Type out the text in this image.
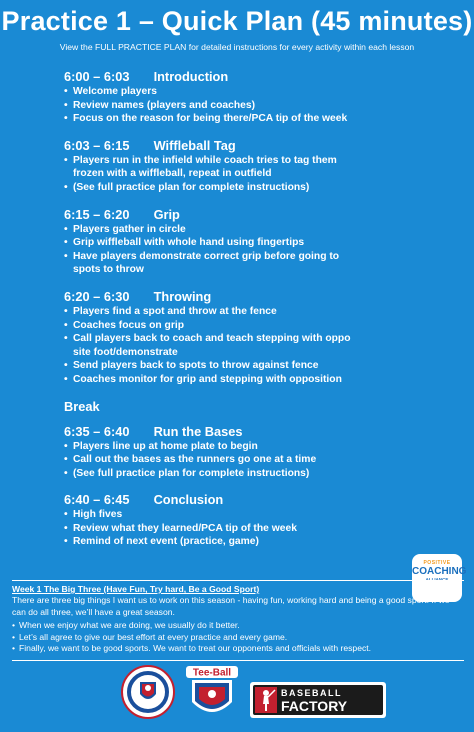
Practice 1 – Quick Plan (45 minutes)
View the FULL PRACTICE PLAN for detailed instructions for every activity within each lesson
6:00 – 6:03 Introduction
• Welcome players
• Review names (players and coaches)
• Focus on the reason for being there/PCA tip of the week
6:03 – 6:15 Wiffleball Tag
• Players run in the infield while coach tries to tag them frozen with a wiffleball, repeat in outfield
• (See full practice plan for complete instructions)
6:15 – 6:20 Grip
• Players gather in circle
• Grip wiffleball with whole hand using fingertips
• Have players demonstrate correct grip before going to spots to throw
6:20 – 6:30 Throwing
• Players find a spot and throw at the fence
• Coaches focus on grip
• Call players back to coach and teach stepping with oppo site foot/demonstrate
• Send players back to spots to throw against fence
• Coaches monitor for grip and stepping with opposition
Break
6:35 – 6:40 Run the Bases
• Players line up at home plate to begin
• Call out the bases as the runners go one at a time
• (See full practice plan for complete instructions)
6:40 – 6:45 Conclusion
• High fives
• Review what they learned/PCA tip of the week
• Remind of next event (practice, game)
POSITIVE
COACHING
ALLIANCE
Week 1 The Big Three (Have Fun, Try hard, Be a Good Sport)
There are three big things I want us to work on this season - having fun, working hard and being a good sport. If we can do all three, we’ll have a great season.
• When we enjoy what we are doing, we usually do it better.
• Let’s all agree to give our best effort at every practice and every game.
• Finally, we want to be good sports. We want to treat our opponents and officials with respect.
Tee-Ball
BASEBALL
FACTORY
